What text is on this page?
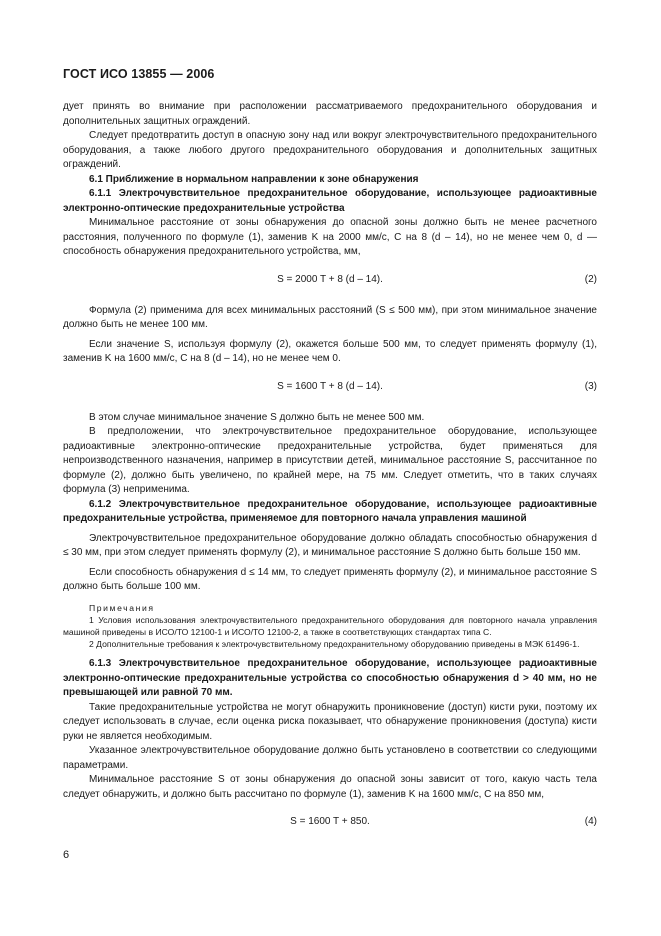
ГОСТ ИСО 13855 — 2006

дует принять во внимание при расположении рассматриваемого предохранительного оборудования и дополнительных защитных ограждений.

Следует предотвратить доступ в опасную зону над или вокруг электрочувствительного предохранительного оборудования, а также любого другого предохранительного оборудования и дополнительных защитных ограждений.

6.1 Приближение в нормальном направлении к зоне обнаружения

6.1.1 Электрочувствительное предохранительное оборудование, использующее радиоактивные электронно-оптические предохранительные устройства

Минимальное расстояние от зоны обнаружения до опасной зоны должно быть не менее расчетного расстояния, полученного по формуле (1), заменив K на 2000 мм/с, C на 8 (d – 14), но не менее чем 0, d — способность обнаружения предохранительного устройства, мм,

S = 2000 T + 8 (d – 14).	(2)

Формула (2) применима для всех минимальных расстояний (S ≤ 500 мм), при этом минимальное значение должно быть не менее 100 мм.

Если значение S, используя формулу (2), окажется больше 500 мм, то следует применять формулу (1), заменив K на 1600 мм/с, C на 8 (d – 14), но не менее чем 0.

S = 1600 T + 8 (d – 14).	(3)

В этом случае минимальное значение S должно быть не менее 500 мм.

В предположении, что электрочувствительное предохранительное оборудование, использующее радиоактивные электронно-оптические предохранительные устройства, будет применяться для непроизводственного назначения, например в присутствии детей, минимальное расстояние S, рассчитанное по формуле (2), должно быть увеличено, по крайней мере, на 75 мм. Следует отметить, что в таких случаях формула (3) неприменима.

6.1.2 Электрочувствительное предохранительное оборудование, использующее радиоактивные предохранительные устройства, применяемое для повторного начала управления машиной

Электрочувствительное предохранительное оборудование должно обладать способностью обнаружения d ≤ 30 мм, при этом следует применять формулу (2), и минимальное расстояние S должно быть больше 150 мм.

Если способность обнаружения d ≤ 14 мм, то следует применять формулу (2), и минимальное расстояние S должно быть больше 100 мм.

Примечания

1 Условия использования электрочувствительного предохранительного оборудования для повторного начала управления машиной приведены в ИСО/ТО 12100-1 и ИСО/ТО 12100-2, а также в соответствующих стандартах типа С.

2 Дополнительные требования к электрочувствительному предохранительному оборудованию приведены в МЭК 61496-1.

6.1.3 Электрочувствительное предохранительное оборудование, использующее радиоактивные электронно-оптические предохранительные устройства со способностью обнаружения d > 40 мм, но не превышающей или равной 70 мм.

Такие предохранительные устройства не могут обнаружить проникновение (доступ) кисти руки, поэтому их следует использовать в случае, если оценка риска показывает, что обнаружение проникновения (доступа) кисти руки не является необходимым.

Указанное электрочувствительное оборудование должно быть установлено в соответствии со следующими параметрами.

Минимальное расстояние S от зоны обнаружения до опасной зоны зависит от того, какую часть тела следует обнаружить, и должно быть рассчитано по формуле (1), заменив K на 1600 мм/с, C на 850 мм,

S = 1600 T + 850.	(4)
6
